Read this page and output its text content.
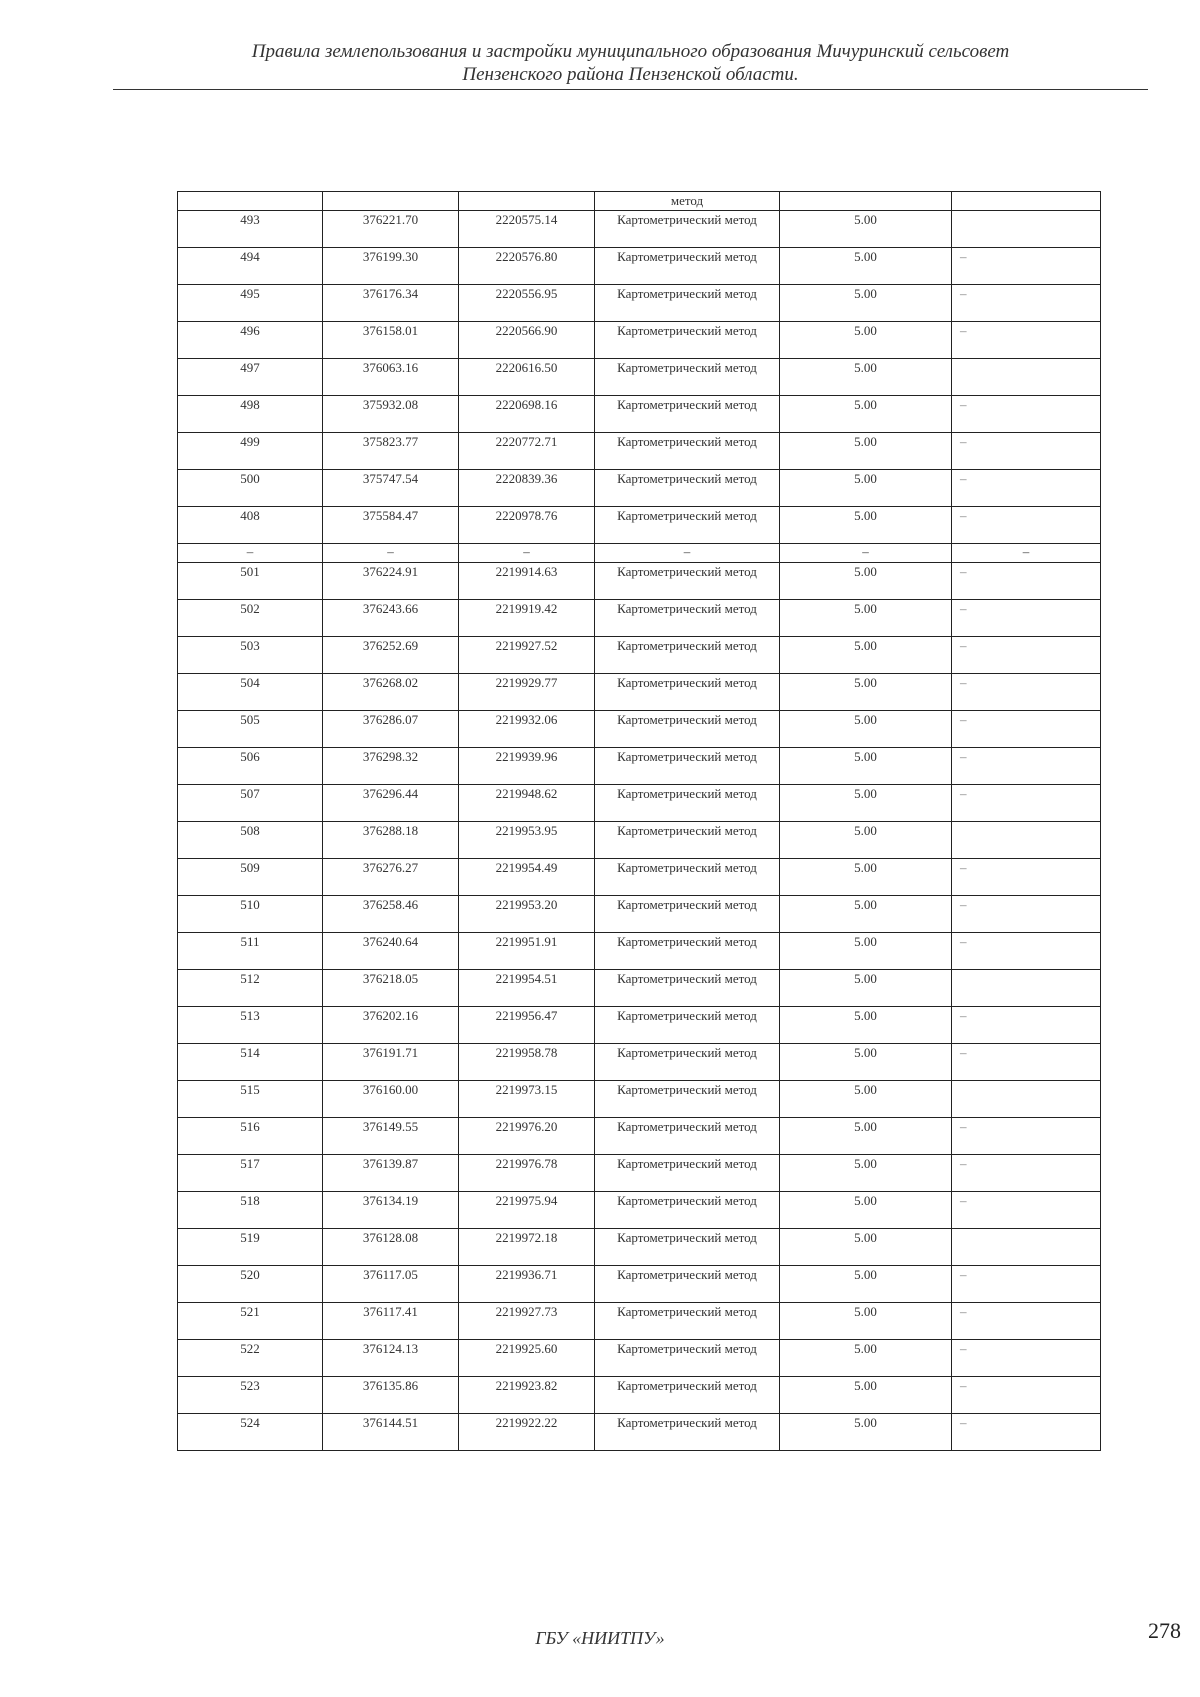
Правила землепользования и застройки муниципального образования Мичуринский сельсовет
Пензенского района Пензенской области.
			метод		
493	376221.70	2220575.14	Картометрический метод	5.00	
494	376199.30	2220576.80	Картометрический метод	5.00	–
495	376176.34	2220556.95	Картометрический метод	5.00	–
496	376158.01	2220566.90	Картометрический метод	5.00	–
497	376063.16	2220616.50	Картометрический метод	5.00	
498	375932.08	2220698.16	Картометрический метод	5.00	–
499	375823.77	2220772.71	Картометрический метод	5.00	–
500	375747.54	2220839.36	Картометрический метод	5.00	–
408	375584.47	2220978.76	Картометрический метод	5.00	–
–	–	–	–	–	–
501	376224.91	2219914.63	Картометрический метод	5.00	–
502	376243.66	2219919.42	Картометрический метод	5.00	–
503	376252.69	2219927.52	Картометрический метод	5.00	–
504	376268.02	2219929.77	Картометрический метод	5.00	–
505	376286.07	2219932.06	Картометрический метод	5.00	–
506	376298.32	2219939.96	Картометрический метод	5.00	–
507	376296.44	2219948.62	Картометрический метод	5.00	–
508	376288.18	2219953.95	Картометрический метод	5.00	
509	376276.27	2219954.49	Картометрический метод	5.00	–
510	376258.46	2219953.20	Картометрический метод	5.00	–
511	376240.64	2219951.91	Картометрический метод	5.00	–
512	376218.05	2219954.51	Картометрический метод	5.00	
513	376202.16	2219956.47	Картометрический метод	5.00	–
514	376191.71	2219958.78	Картометрический метод	5.00	–
515	376160.00	2219973.15	Картометрический метод	5.00	
516	376149.55	2219976.20	Картометрический метод	5.00	–
517	376139.87	2219976.78	Картометрический метод	5.00	–
518	376134.19	2219975.94	Картометрический метод	5.00	–
519	376128.08	2219972.18	Картометрический метод	5.00	
520	376117.05	2219936.71	Картометрический метод	5.00	–
521	376117.41	2219927.73	Картометрический метод	5.00	–
522	376124.13	2219925.60	Картометрический метод	5.00	–
523	376135.86	2219923.82	Картометрический метод	5.00	–
524	376144.51	2219922.22	Картометрический метод	5.00	–
ГБУ «НИИТПУ»	278
